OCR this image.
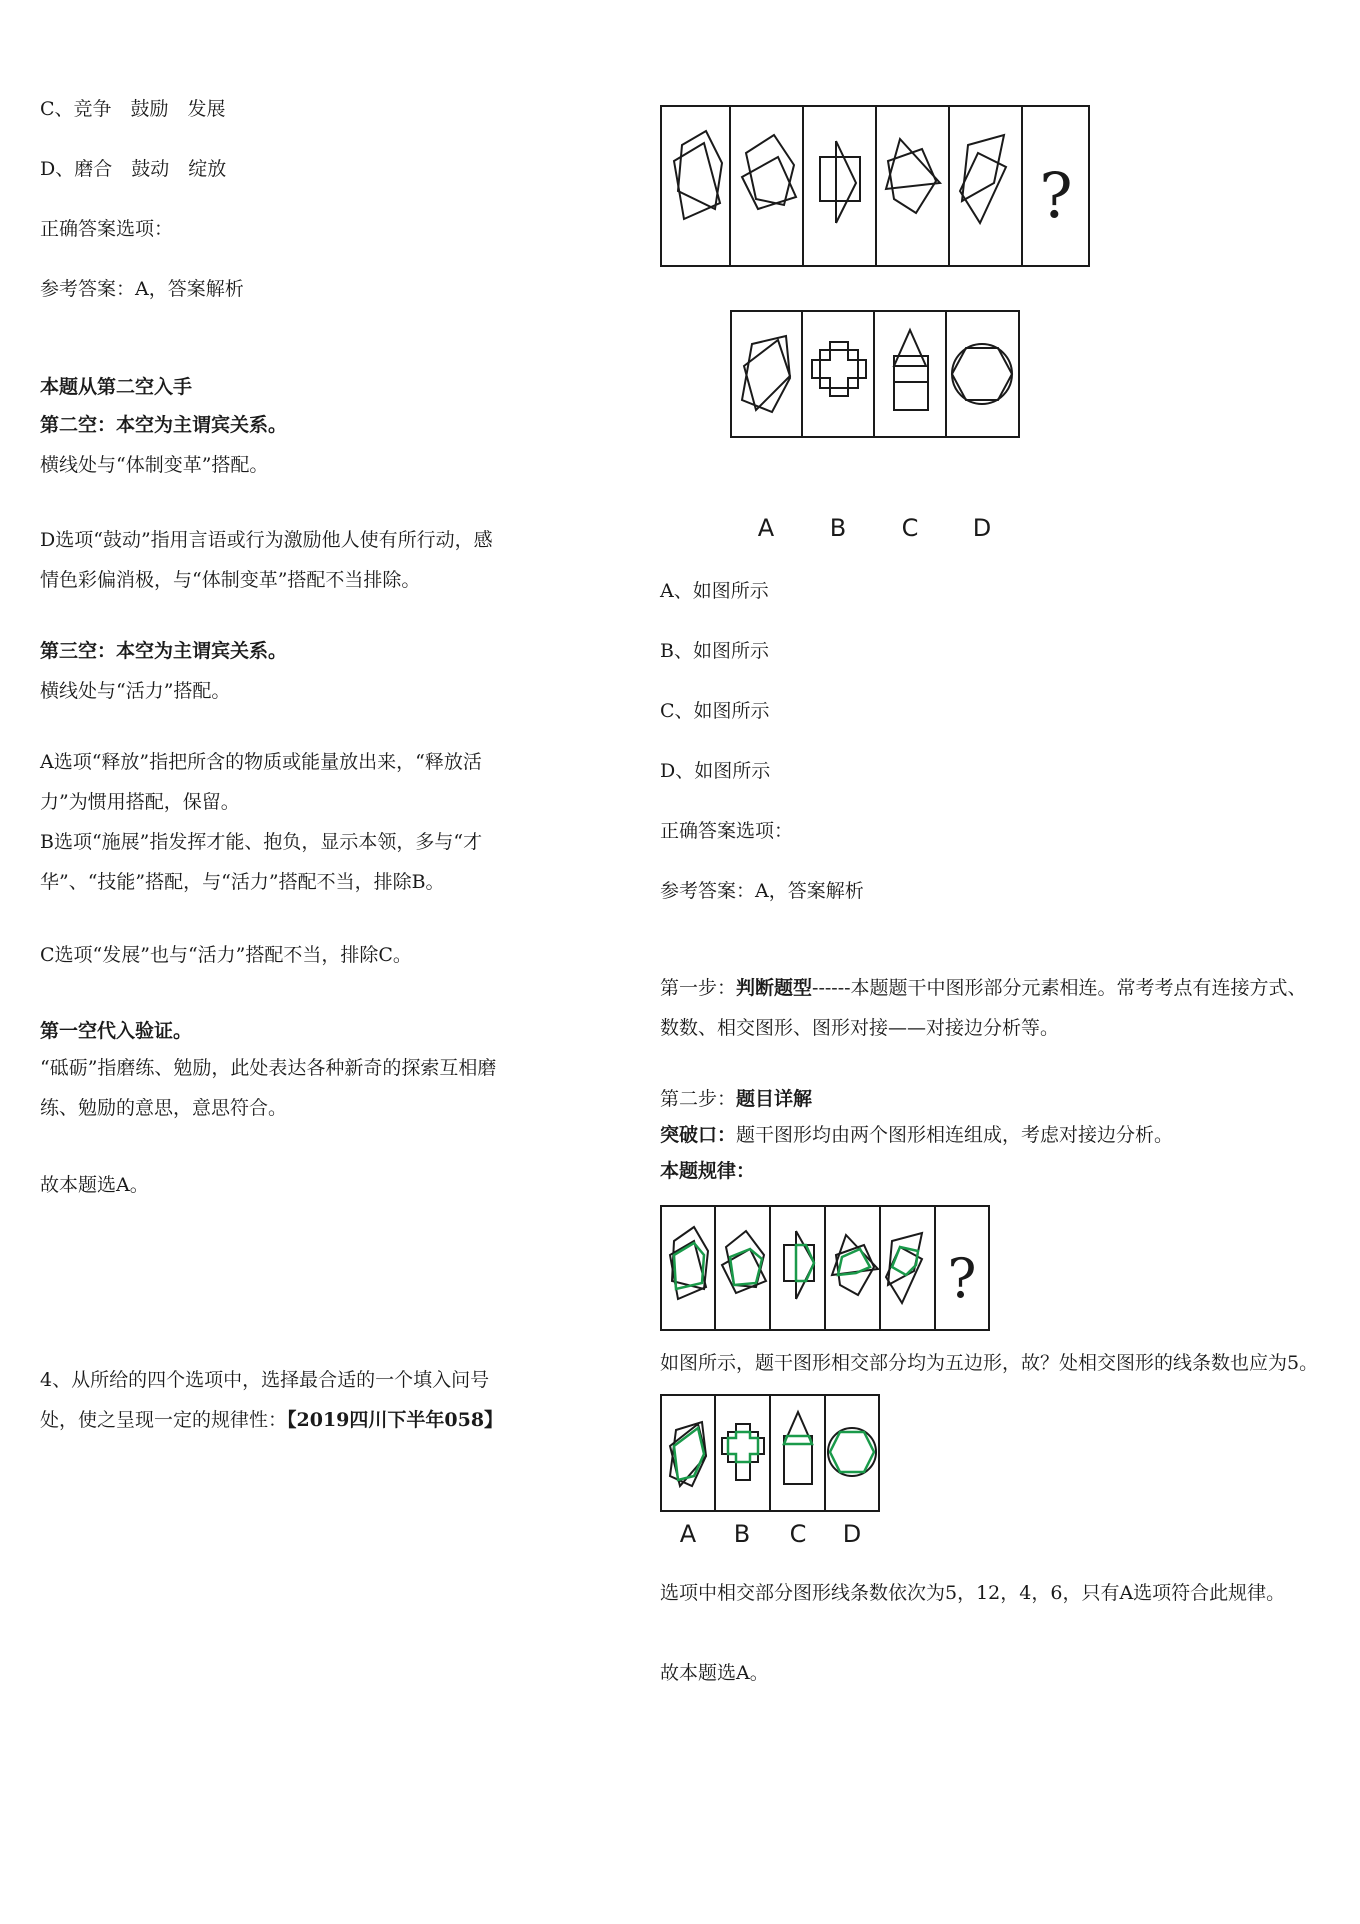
C、竞争　鼓励　发展
D、磨合　鼓动　绽放
正确答案选项：
参考答案：A，答案解析
本题从第二空入手
第二空：本空为主谓宾关系。
横线处与“体制变革”搭配。
D选项“鼓动”指用言语或行为激励他人使有所行动，感情色彩偏消极，与“体制变革”搭配不当排除。
第三空：本空为主谓宾关系。
横线处与“活力”搭配。
A选项“释放”指把所含的物质或能量放出来，“释放活力”为惯用搭配，保留。
B选项“施展”指发挥才能、抱负，显示本领，多与“才华”、“技能”搭配，与“活力”搭配不当，排除B。
C选项“发展”也与“活力”搭配不当，排除C。
第一空代入验证。
“砥砺”指磨练、勉励，此处表达各种新奇的探索互相磨练、勉励的意思，意思符合。
故本题选A。
4、从所给的四个选项中，选择最合适的一个填入问号处，使之呈现一定的规律性：【2019四川下半年058】
?
A B C D
A、如图所示
B、如图所示
C、如图所示
D、如图所示
正确答案选项：
参考答案：A，答案解析
第一步：判断题型------本题题干中图形部分元素相连。常考考点有连接方式、数数、相交图形、图形对接——对接边分析等。
第二步：题目详解
突破口：题干图形均由两个图形相连组成，考虑对接边分析。
本题规律：
?
如图所示，题干图形相交部分均为五边形，故？处相交图形的线条数也应为5。
A B C D
选项中相交部分图形线条数依次为5，12，4，6，只有A选项符合此规律。
故本题选A。
